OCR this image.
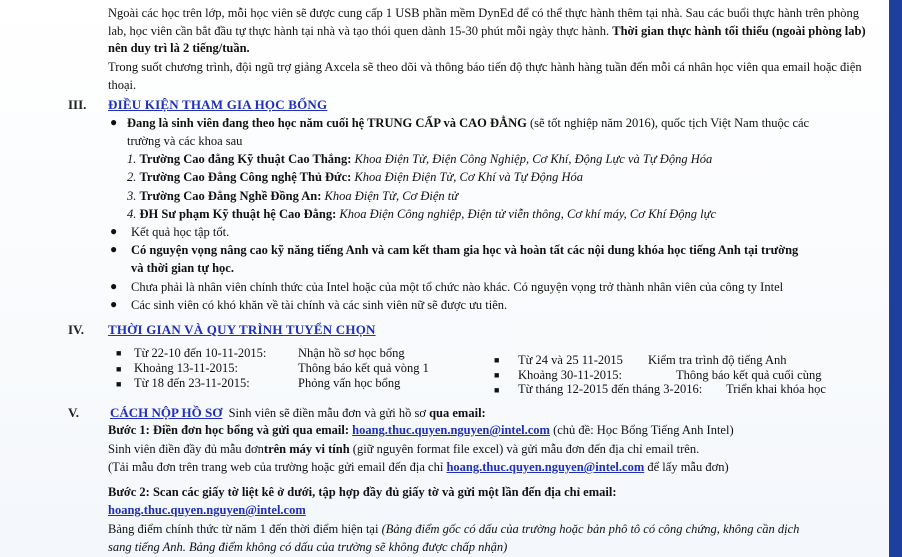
Ngoài các học trên lớp, mỗi học viên sẽ được cung cấp 1 USB phần mềm DynEd để có thể thực hành thêm tại nhà. Sau các buổi thực hành trên phòng
lab, học viên cần bắt đầu tự thực hành tại nhà và tạo thói quen dành 15-30 phút mỗi ngày thực hành. Thời gian thực hành tối thiểu (ngoài phòng lab)
nên duy trì là 2 tiếng/tuần.
Trong suốt chương trình, đội ngũ trợ giảng Axcela sẽ theo dõi và thông báo tiến độ thực hành hàng tuần đến mỗi cá nhân học viên qua email hoặc điện
thoại.
III. ĐIỀU KIỆN THAM GIA HỌC BỔNG
● Đang là sinh viên đang theo học năm cuối hệ TRUNG CẤP và CAO ĐẲNG (sẽ tốt nghiệp năm 2016), quốc tịch Việt Nam thuộc các
trường và các khoa sau
1. Trường Cao đẳng Kỹ thuật Cao Thắng: Khoa Điện Tử, Điện Công Nghiệp, Cơ Khí, Động Lực và Tự Động Hóa
2. Trường Cao Đẳng Công nghệ Thủ Đức: Khoa Điện Điện Tử, Cơ Khí và Tự Động Hóa
3. Trường Cao Đẳng Nghề Đồng An: Khoa Điện Tử, Cơ Điện tử
4. ĐH Sư phạm Kỹ thuật hệ Cao Đẳng: Khoa Điện Công nghiệp, Điện tử viễn thông, Cơ khí máy, Cơ Khí Động lực
● Kết quả học tập tốt.
● Có nguyện vọng nâng cao kỹ năng tiếng Anh và cam kết tham gia học và hoàn tất các nội dung khóa học tiếng Anh tại trường
và thời gian tự học.
● Chưa phải là nhân viên chính thức của Intel hoặc của một tổ chức nào khác. Có nguyện vọng trở thành nhân viên của công ty Intel
● Các sinh viên có khó khăn về tài chính và các sinh viên nữ sẽ được ưu tiên.
IV. THỜI GIAN VÀ QUY TRÌNH TUYỂN CHỌN
■ Từ 22-10 đến 10-11-2015:	Nhận hồ sơ học bổng
■ Khoảng 13-11-2015:	Thông báo kết quả vòng 1
■ Từ 18 đến 23-11-2015:	Phỏng vấn học bổng
■ Từ 24 và 25 11-2015 Kiểm tra trình độ tiếng Anh
■ Khoảng 30-11-2015:	Thông báo kết quả cuối cùng
■ Từ tháng 12-2015 đến tháng 3-2016: Triển khai khóa học
V. CÁCH NỘP HỒ SƠ Sinh viên sẽ điền mẫu đơn và gửi hồ sơ qua email:
Bước 1: Điền đơn học bổng và gửi qua email: hoang.thuc.quyen.nguyen@intel.com (chủ đề: Học Bổng Tiếng Anh Intel)
Sinh viên điền đầy đủ mẫu đơntrên máy vi tính (giữ nguyên format file excel) và gửi mẫu đơn đến địa chỉ email trên.
(Tải mẫu đơn trên trang web của trường hoặc gửi email đến địa chỉ hoang.thuc.quyen.nguyen@intel.com để lấy mẫu đơn)
Bước 2: Scan các giấy tờ liệt kê ở dưới, tập hợp đầy đủ giấy tờ và gửi một lần đến địa chỉ email:
hoang.thuc.quyen.nguyen@intel.com
Bảng điểm chính thức từ năm 1 đến thời điểm hiện tại (Bảng điểm gốc có dấu của trường hoặc bản phô tô có công chứng, không cần dịch
sang tiếng Anh. Bảng điểm không có dấu của trường sẽ không được chấp nhận)
